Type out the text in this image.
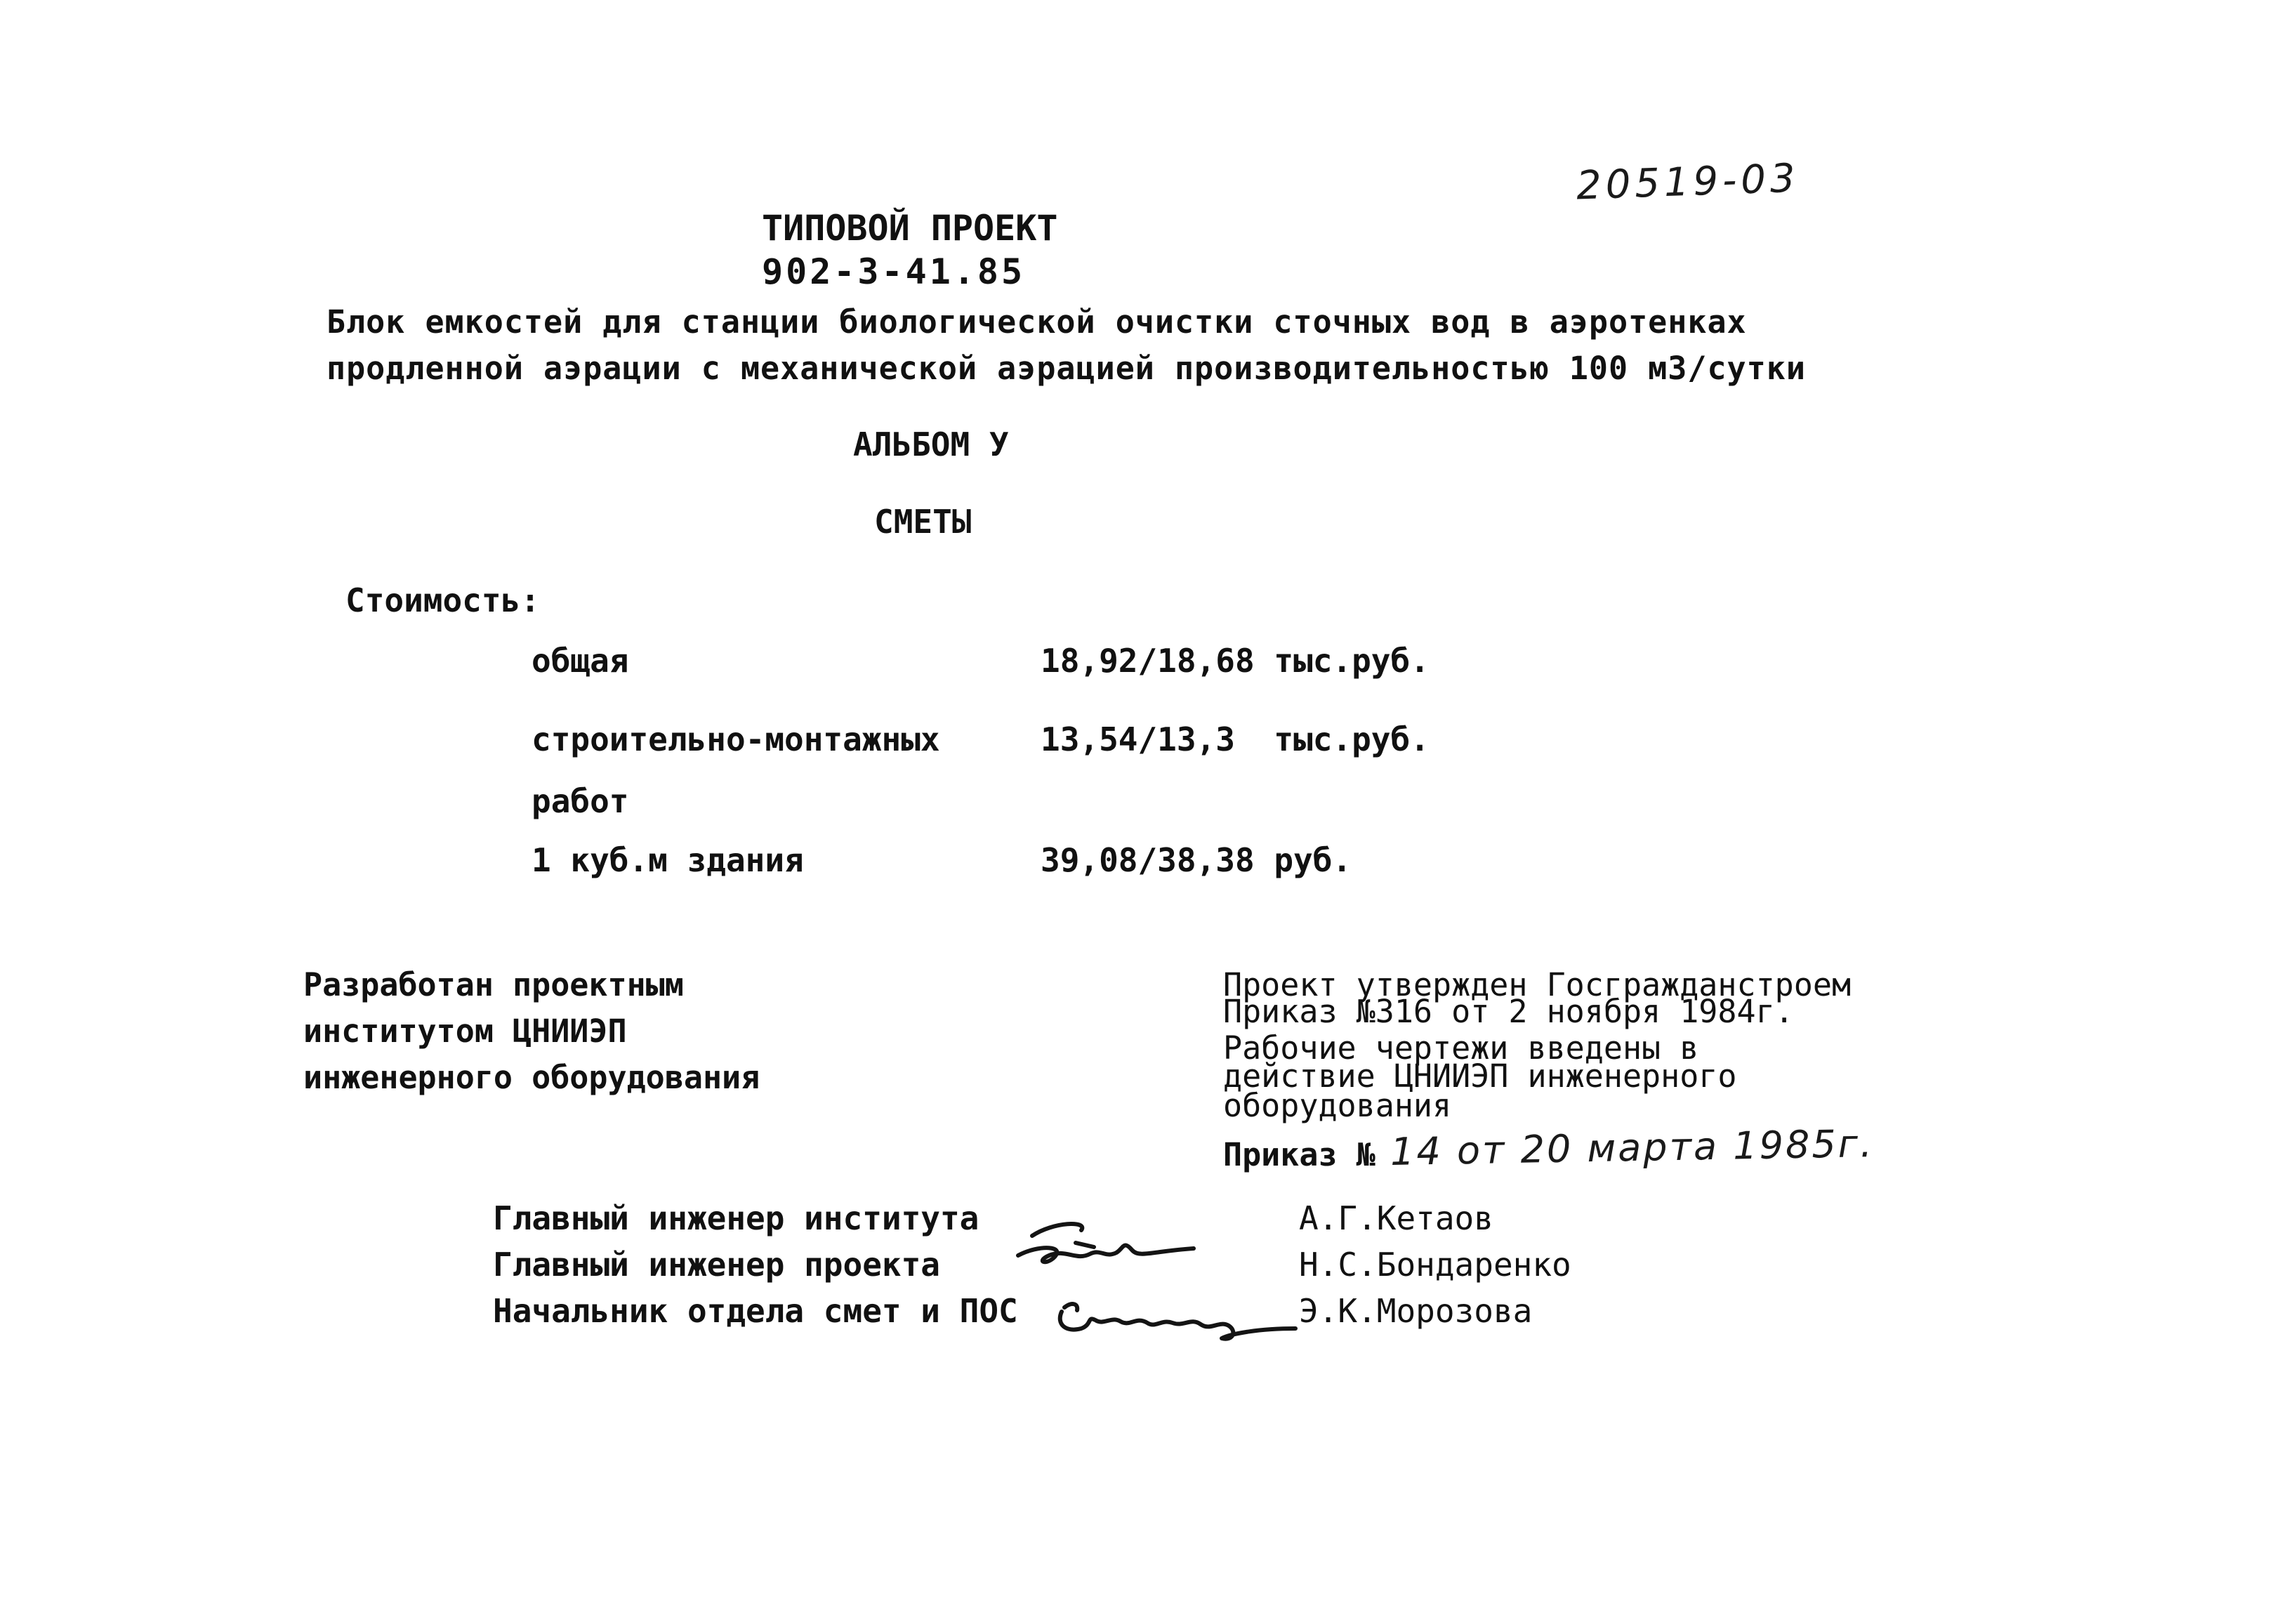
20519-03
ТИПОВОЙ ПРОЕКТ
902-3-41.85
Блок емкостей для станции биологической очистки сточных вод в аэротенках
продленной аэрации с механической аэрацией производительностью 100 м3/сутки
АЛЬБОМ У
СМЕТЫ
Стоимость:
общая	18,92/18,68 тыс.руб.
строительно-монтажных	13,54/13,3  тыс.руб.
работ
1 куб.м здания	39,08/38,38 руб.
Разработан проектным
институтом ЦНИИЭП
инженерного оборудования
Проект утвержден Госгражданстроем
Приказ №316 от 2 ноября 1984г.
Рабочие чертежи введены в
действие ЦНИИЭП инженерного
оборудования
Приказ № 14 от 20 марта 1985г.
Главный инженер института	А.Г.Кетаов
Главный инженер проекта	Н.С.Бондаренко
Начальник отдела смет и ПОС	Э.К.Морозова
